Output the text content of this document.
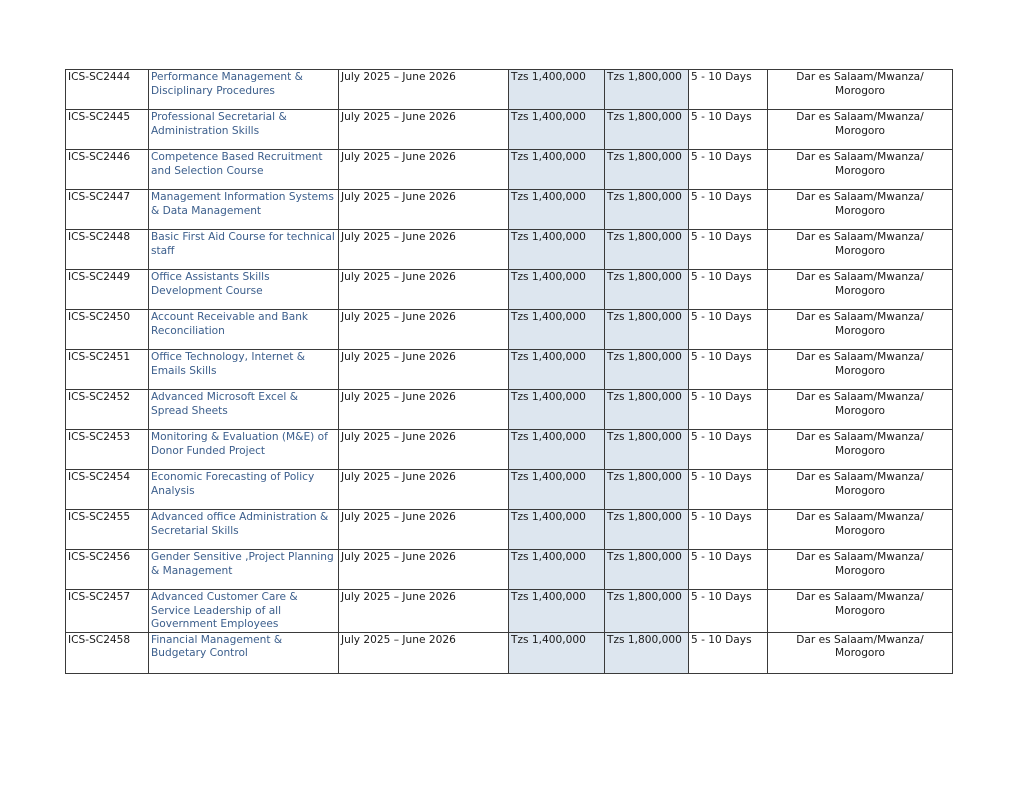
ICS-SC2444	Performance Management & Disciplinary Procedures	July 2025 – June 2026	Tzs 1,400,000	Tzs 1,800,000	5 - 10 Days	Dar es Salaam/Mwanza/ Morogoro
ICS-SC2445	Professional Secretarial & Administration Skills	July 2025 – June 2026	Tzs 1,400,000	Tzs 1,800,000	5 - 10 Days	Dar es Salaam/Mwanza/ Morogoro
ICS-SC2446	Competence Based Recruitment and Selection Course	July 2025 – June 2026	Tzs 1,400,000	Tzs 1,800,000	5 - 10 Days	Dar es Salaam/Mwanza/ Morogoro
ICS-SC2447	Management Information Systems & Data Management	July 2025 – June 2026	Tzs 1,400,000	Tzs 1,800,000	5 - 10 Days	Dar es Salaam/Mwanza/ Morogoro
ICS-SC2448	Basic First Aid Course for technical staff	July 2025 – June 2026	Tzs 1,400,000	Tzs 1,800,000	5 - 10 Days	Dar es Salaam/Mwanza/ Morogoro
ICS-SC2449	Office Assistants Skills Development Course	July 2025 – June 2026	Tzs 1,400,000	Tzs 1,800,000	5 - 10 Days	Dar es Salaam/Mwanza/ Morogoro
ICS-SC2450	Account Receivable and Bank Reconciliation	July 2025 – June 2026	Tzs 1,400,000	Tzs 1,800,000	5 - 10 Days	Dar es Salaam/Mwanza/ Morogoro
ICS-SC2451	Office Technology, Internet & Emails Skills	July 2025 – June 2026	Tzs 1,400,000	Tzs 1,800,000	5 - 10 Days	Dar es Salaam/Mwanza/ Morogoro
ICS-SC2452	Advanced Microsoft Excel & Spread Sheets	July 2025 – June 2026	Tzs 1,400,000	Tzs 1,800,000	5 - 10 Days	Dar es Salaam/Mwanza/ Morogoro
ICS-SC2453	Monitoring & Evaluation (M&E) of Donor Funded Project	July 2025 – June 2026	Tzs 1,400,000	Tzs 1,800,000	5 - 10 Days	Dar es Salaam/Mwanza/ Morogoro
ICS-SC2454	Economic Forecasting of Policy Analysis	July 2025 – June 2026	Tzs 1,400,000	Tzs 1,800,000	5 - 10 Days	Dar es Salaam/Mwanza/ Morogoro
ICS-SC2455	Advanced office Administration & Secretarial Skills	July 2025 – June 2026	Tzs 1,400,000	Tzs 1,800,000	5 - 10 Days	Dar es Salaam/Mwanza/ Morogoro
ICS-SC2456	Gender Sensitive ,Project Planning & Management	July 2025 – June 2026	Tzs 1,400,000	Tzs 1,800,000	5 - 10 Days	Dar es Salaam/Mwanza/ Morogoro
ICS-SC2457	Advanced Customer Care & Service Leadership of all Government Employees	July 2025 – June 2026	Tzs 1,400,000	Tzs 1,800,000	5 - 10 Days	Dar es Salaam/Mwanza/ Morogoro
ICS-SC2458	Financial Management & Budgetary Control	July 2025 – June 2026	Tzs 1,400,000	Tzs 1,800,000	5 - 10 Days	Dar es Salaam/Mwanza/ Morogoro
